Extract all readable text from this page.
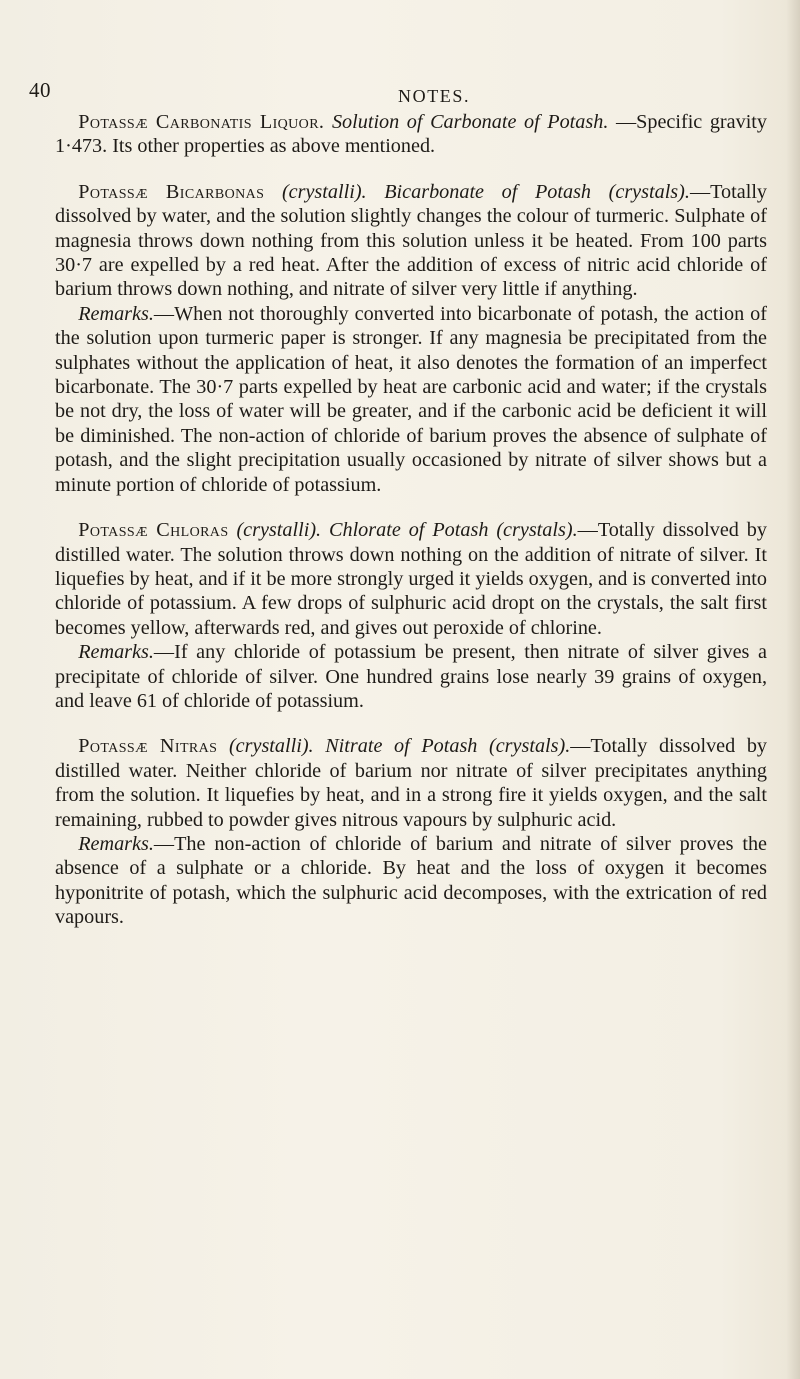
40	NOTES.

Potassæ Carbonatis Liquor. Solution of Carbonate of Potash. —Specific gravity 1·473. Its other properties as above mentioned.

Potassæ Bicarbonas (crystalli). Bicarbonate of Potash (crystals).—Totally dissolved by water, and the solution slightly changes the colour of turmeric. Sulphate of magnesia throws down nothing from this solution unless it be heated. From 100 parts 30·7 are expelled by a red heat. After the addition of excess of nitric acid chloride of barium throws down nothing, and nitrate of silver very little if anything.

Remarks.—When not thoroughly converted into bicarbonate of potash, the action of the solution upon turmeric paper is stronger. If any magnesia be precipitated from the sulphates without the application of heat, it also denotes the formation of an imperfect bicarbonate. The 30·7 parts expelled by heat are carbonic acid and water; if the crystals be not dry, the loss of water will be greater, and if the carbonic acid be deficient it will be diminished. The non-action of chloride of barium proves the absence of sulphate of potash, and the slight precipitation usually occasioned by nitrate of silver shows but a minute portion of chloride of potassium.

Potassæ Chloras (crystalli). Chlorate of Potash (crystals).—Totally dissolved by distilled water. The solution throws down nothing on the addition of nitrate of silver. It liquefies by heat, and if it be more strongly urged it yields oxygen, and is converted into chloride of potassium. A few drops of sulphuric acid dropt on the crystals, the salt first becomes yellow, afterwards red, and gives out peroxide of chlorine.

Remarks.—If any chloride of potassium be present, then nitrate of silver gives a precipitate of chloride of silver. One hundred grains lose nearly 39 grains of oxygen, and leave 61 of chloride of potassium.

Potassæ Nitras (crystalli). Nitrate of Potash (crystals).—Totally dissolved by distilled water. Neither chloride of barium nor nitrate of silver precipitates anything from the solution. It liquefies by heat, and in a strong fire it yields oxygen, and the salt remaining, rubbed to powder gives nitrous vapours by sulphuric acid.

Remarks.—The non-action of chloride of barium and nitrate of silver proves the absence of a sulphate or a chloride. By heat and the loss of oxygen it becomes hyponitrite of potash, which the sulphuric acid decomposes, with the extrication of red vapours.
